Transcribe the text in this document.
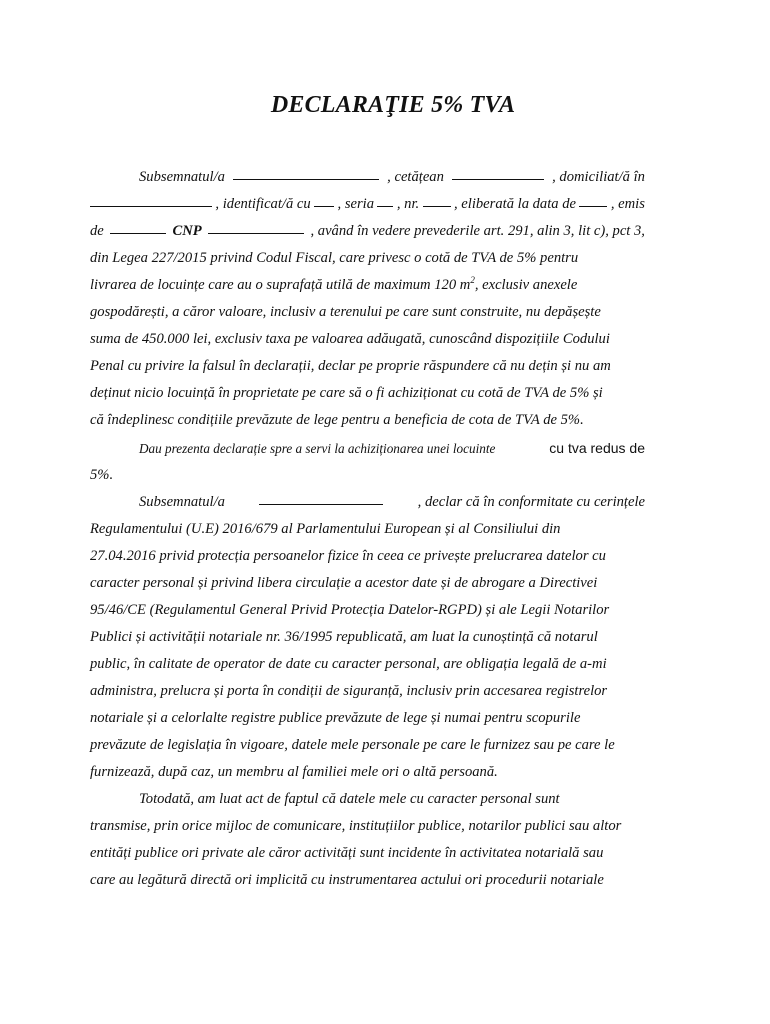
DECLARAŢIE 5% TVA
Subsemnatul/a	, cetățean	, domiciliat/ă în
, identificat/ă cu , seria , nr. , eliberată la data de , emis
de	CNP	, având în vedere prevederile art. 291, alin 3, lit c), pct 3,
din Legea 227/2015 privind Codul Fiscal, care privesc o cotă de TVA de 5% pentru
livrarea de locuințe care au o suprafață utilă de maximum 120 $m^2$, exclusiv anexele
gospodărești, a căror valoare, inclusiv a terenului pe care sunt construite, nu depășește
suma de 450.000 lei, exclusiv taxa pe valoarea adăugată, cunoscând dispozițiile Codului
Penal cu privire la falsul în declarații, declar pe proprie răspundere că nu dețin și nu am
deținut nicio locuință în proprietate pe care să o fi achiziționat cu cotă de TVA de 5% și
că îndeplinesc condițiile prevăzute de lege pentru a beneficia de cota de TVA de 5%.
Dau prezenta declarație spre a servi la achiziționarea unei locuinte	cu tva redus de
5%.
Subsemnatul/a	, declar că în conformitate cu cerințele
Regulamentului (U.E) 2016/679 al Parlamentului European și al Consiliului din
27.04.2016 privid protecția persoanelor fizice în ceea ce privește prelucrarea datelor cu
caracter personal și privind libera circulație a acestor date și de abrogare a Directivei
95/46/CE (Regulamentul General Privid Protecția Datelor-RGPD) și ale Legii Notarilor
Publici și activității notariale nr. 36/1995 republicată, am luat la cunoștință că notarul
public, în calitate de operator de date cu caracter personal, are obligația legală de a-mi
administra, prelucra și porta în condiții de siguranță, inclusiv prin accesarea registrelor
notariale și a celorlalte registre publice prevăzute de lege și numai pentru scopurile
prevăzute de legislația în vigoare, datele mele personale pe care le furnizez sau pe care le
furnizează, după caz, un membru al familiei mele ori o altă persoană.
Totodată, am luat act de faptul că datele mele cu caracter personal sunt
transmise, prin orice mijloc de comunicare, instituțiilor publice, notarilor publici sau altor
entități publice ori private ale căror activități sunt incidente în activitatea notarială sau
care au legătură directă ori implicită cu instrumentarea actului ori procedurii notariale
